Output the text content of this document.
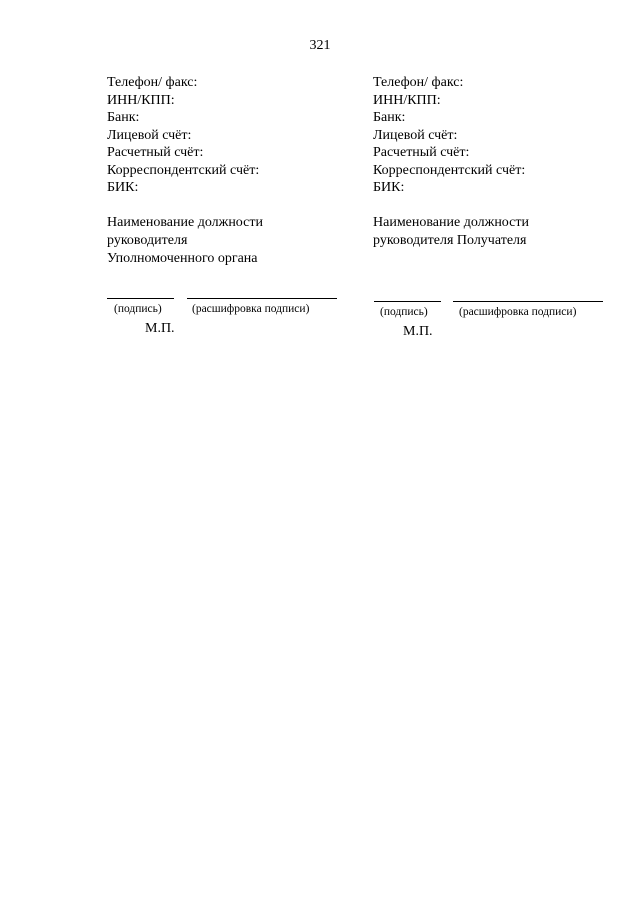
321
Телефон/ факс:
ИНН/КПП:
Банк:
Лицевой счёт:
Расчетный счёт:
Корреспондентский счёт:
БИК:
Наименование должности
руководителя
Уполномоченного органа
Телефон/ факс:
ИНН/КПП:
Банк:
Лицевой счёт:
Расчетный счёт:
Корреспондентский счёт:
БИК:
Наименование должности
руководителя Получателя
(подпись)	(расшифровка подписи)
М.П.
(подпись)	(расшифровка подписи)
М.П.
